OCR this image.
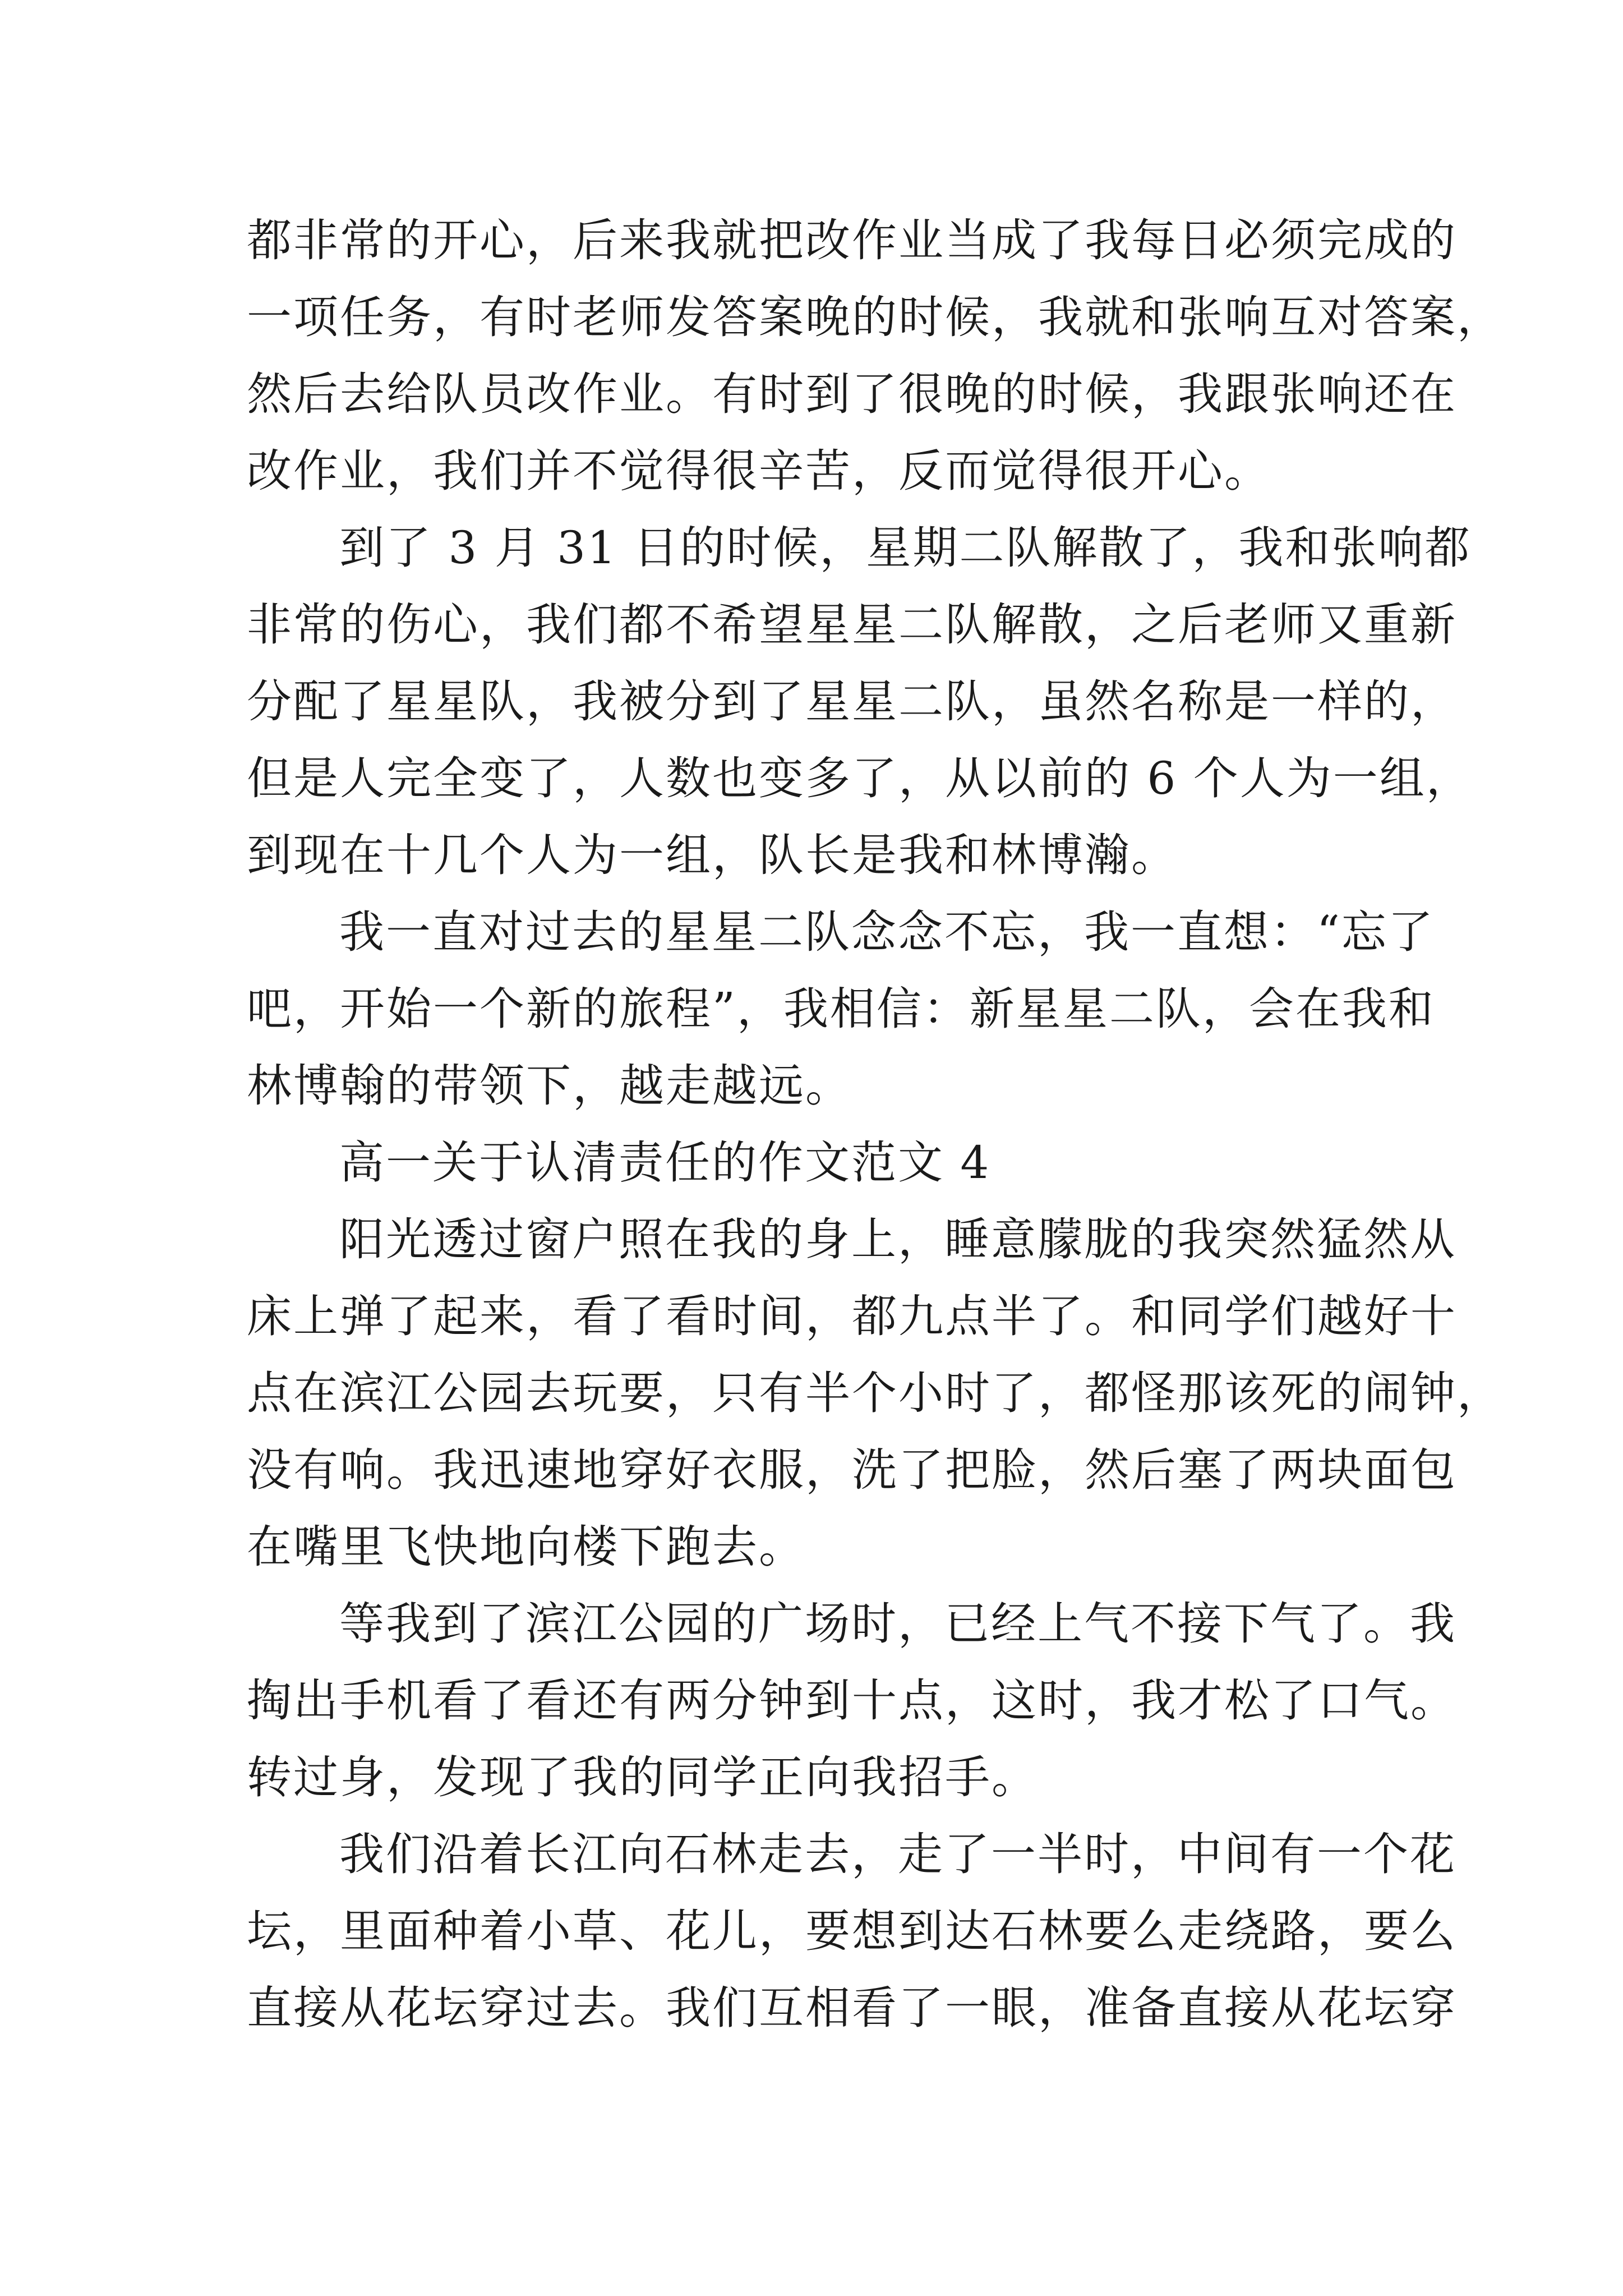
都非常的开心，后来我就把改作业当成了我每日必须完成的
一项任务，有时老师发答案晚的时候，我就和张响互对答案，
然后去给队员改作业。有时到了很晚的时候，我跟张响还在
改作业，我们并不觉得很辛苦，反而觉得很开心。
到了 3 月 31 日的时候，星期二队解散了，我和张响都
非常的伤心，我们都不希望星星二队解散，之后老师又重新
分配了星星队，我被分到了星星二队，虽然名称是一样的，
但是人完全变了，人数也变多了，从以前的 6 个人为一组，
到现在十几个人为一组，队长是我和林博瀚。
我一直对过去的星星二队念念不忘，我一直想：“忘了
吧，开始一个新的旅程”，我相信：新星星二队，会在我和
林博翰的带领下，越走越远。
高一关于认清责任的作文范文 4
阳光透过窗户照在我的身上，睡意朦胧的我突然猛然从
床上弹了起来，看了看时间，都九点半了。和同学们越好十
点在滨江公园去玩要，只有半个小时了，都怪那该死的闹钟，
没有响。我迅速地穿好衣服，洗了把脸，然后塞了两块面包
在嘴里飞快地向楼下跑去。
等我到了滨江公园的广场时，已经上气不接下气了。我
掏出手机看了看还有两分钟到十点，这时，我才松了口气。
转过身，发现了我的同学正向我招手。
我们沿着长江向石林走去，走了一半时，中间有一个花
坛，里面种着小草、花儿，要想到达石林要么走绕路，要么
直接从花坛穿过去。我们互相看了一眼，准备直接从花坛穿
